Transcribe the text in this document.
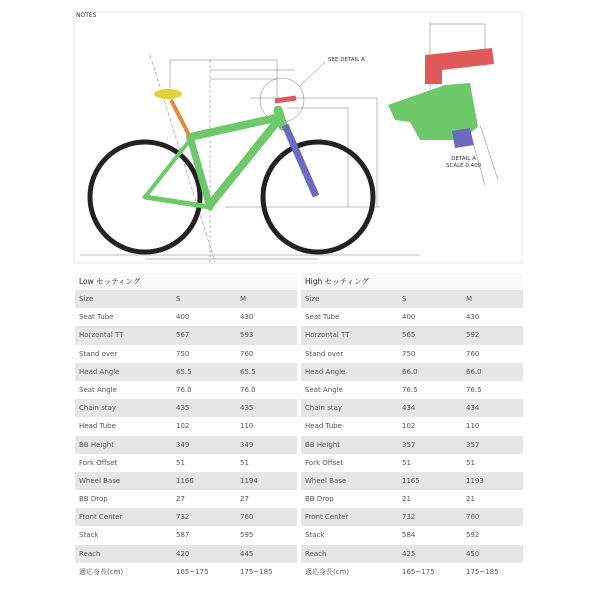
NOTES
SEE DETAIL A
DETAIL A
SCALE 0.400
Low セッティング
Size	S	M
Seat Tube	400	430
Horzontal TT	567	593
Stand over	750	760
Head Angle	65.5	65.5
Seat Angle	76.0	76.0
Chain stay	435	435
Head Tube	102	110
BB Height	349	349
Fork Offset	51	51
Wheel Base	1166	1194
BB Drop	27	27
Front Center	732	760
Stack	587	595
Reach	420	445
適応身長(cm)	165~175	175~185
High セッティング
Size	S	M
Seat Tube	400	430
Horzontal TT	565	592
Stand over	750	760
Head Angle	66.0	66.0
Seat Angle	76.5	76.5
Chain stay	434	434
Head Tube	102	110
BB Height	357	357
Fork Offset	51	51
Wheel Base	1165	1193
BB Drop	21	21
Front Center	732	760
Stack	584	592
Reach	425	450
適応身長(cm)	165~175	175~185
